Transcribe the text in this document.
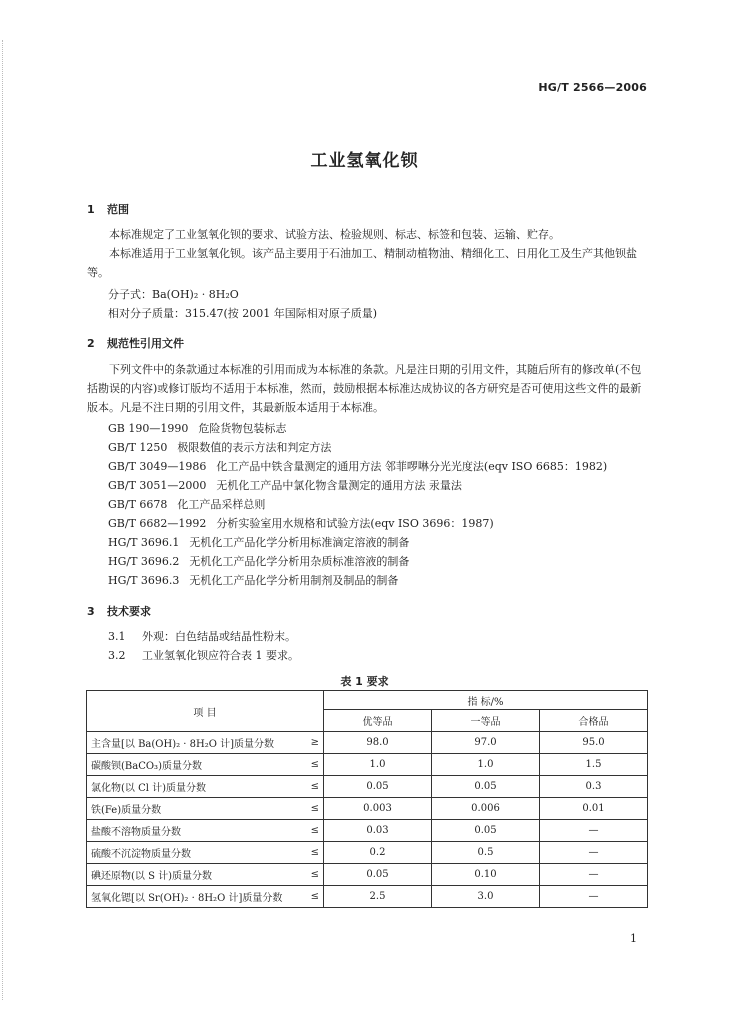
HG/T 2566—2006
工业氢氧化钡
1 范围
本标准规定了工业氢氧化钡的要求、试验方法、检验规则、标志、标签和包装、运输、贮存。
本标准适用于工业氢氧化钡。该产品主要用于石油加工、精制动植物油、精细化工、日用化工及生产其他钡盐等。
分子式：Ba(OH)₂ · 8H₂O
相对分子质量：315.47(按 2001 年国际相对原子质量)
2 规范性引用文件
下列文件中的条款通过本标准的引用而成为本标准的条款。凡是注日期的引用文件，其随后所有的修改单(不包括勘误的内容)或修订版均不适用于本标准，然而，鼓励根据本标准达成协议的各方研究是否可使用这些文件的最新版本。凡是不注日期的引用文件，其最新版本适用于本标准。
GB 190—1990 危险货物包装标志
GB/T 1250 极限数值的表示方法和判定方法
GB/T 3049—1986 化工产品中铁含量测定的通用方法 邻菲啰啉分光光度法(eqv ISO 6685：1982)
GB/T 3051—2000 无机化工产品中氯化物含量测定的通用方法 汞量法
GB/T 6678 化工产品采样总则
GB/T 6682—1992 分析实验室用水规格和试验方法(eqv ISO 3696：1987)
HG/T 3696.1 无机化工产品化学分析用标准滴定溶液的制备
HG/T 3696.2 无机化工产品化学分析用杂质标准溶液的制备
HG/T 3696.3 无机化工产品化学分析用制剂及制品的制备
3 技术要求
3.1 外观：白色结晶或结晶性粉末。
3.2 工业氢氧化钡应符合表 1 要求。
表 1 要求
项 目	指 标/%		
	优等品	一等品	合格品

主含量[以 Ba(OH)₂ · 8H₂O 计]质量分数 ≥	98.0	97.0	95.0

碳酸钡(BaCO₃)质量分数 ≤	1.0	1.0	1.5

氯化物(以 Cl 计)质量分数 ≤	0.05	0.05	0.3

铁(Fe)质量分数 ≤	0.003	0.006	0.01

盐酸不溶物质量分数 ≤	0.03	0.05	—

硫酸不沉淀物质量分数 ≤	0.2	0.5	—

碘还原物(以 S 计)质量分数 ≤	0.05	0.10	—

氢氧化锶[以 Sr(OH)₂ · 8H₂O 计]质量分数 ≤	2.5	3.0	—
1
